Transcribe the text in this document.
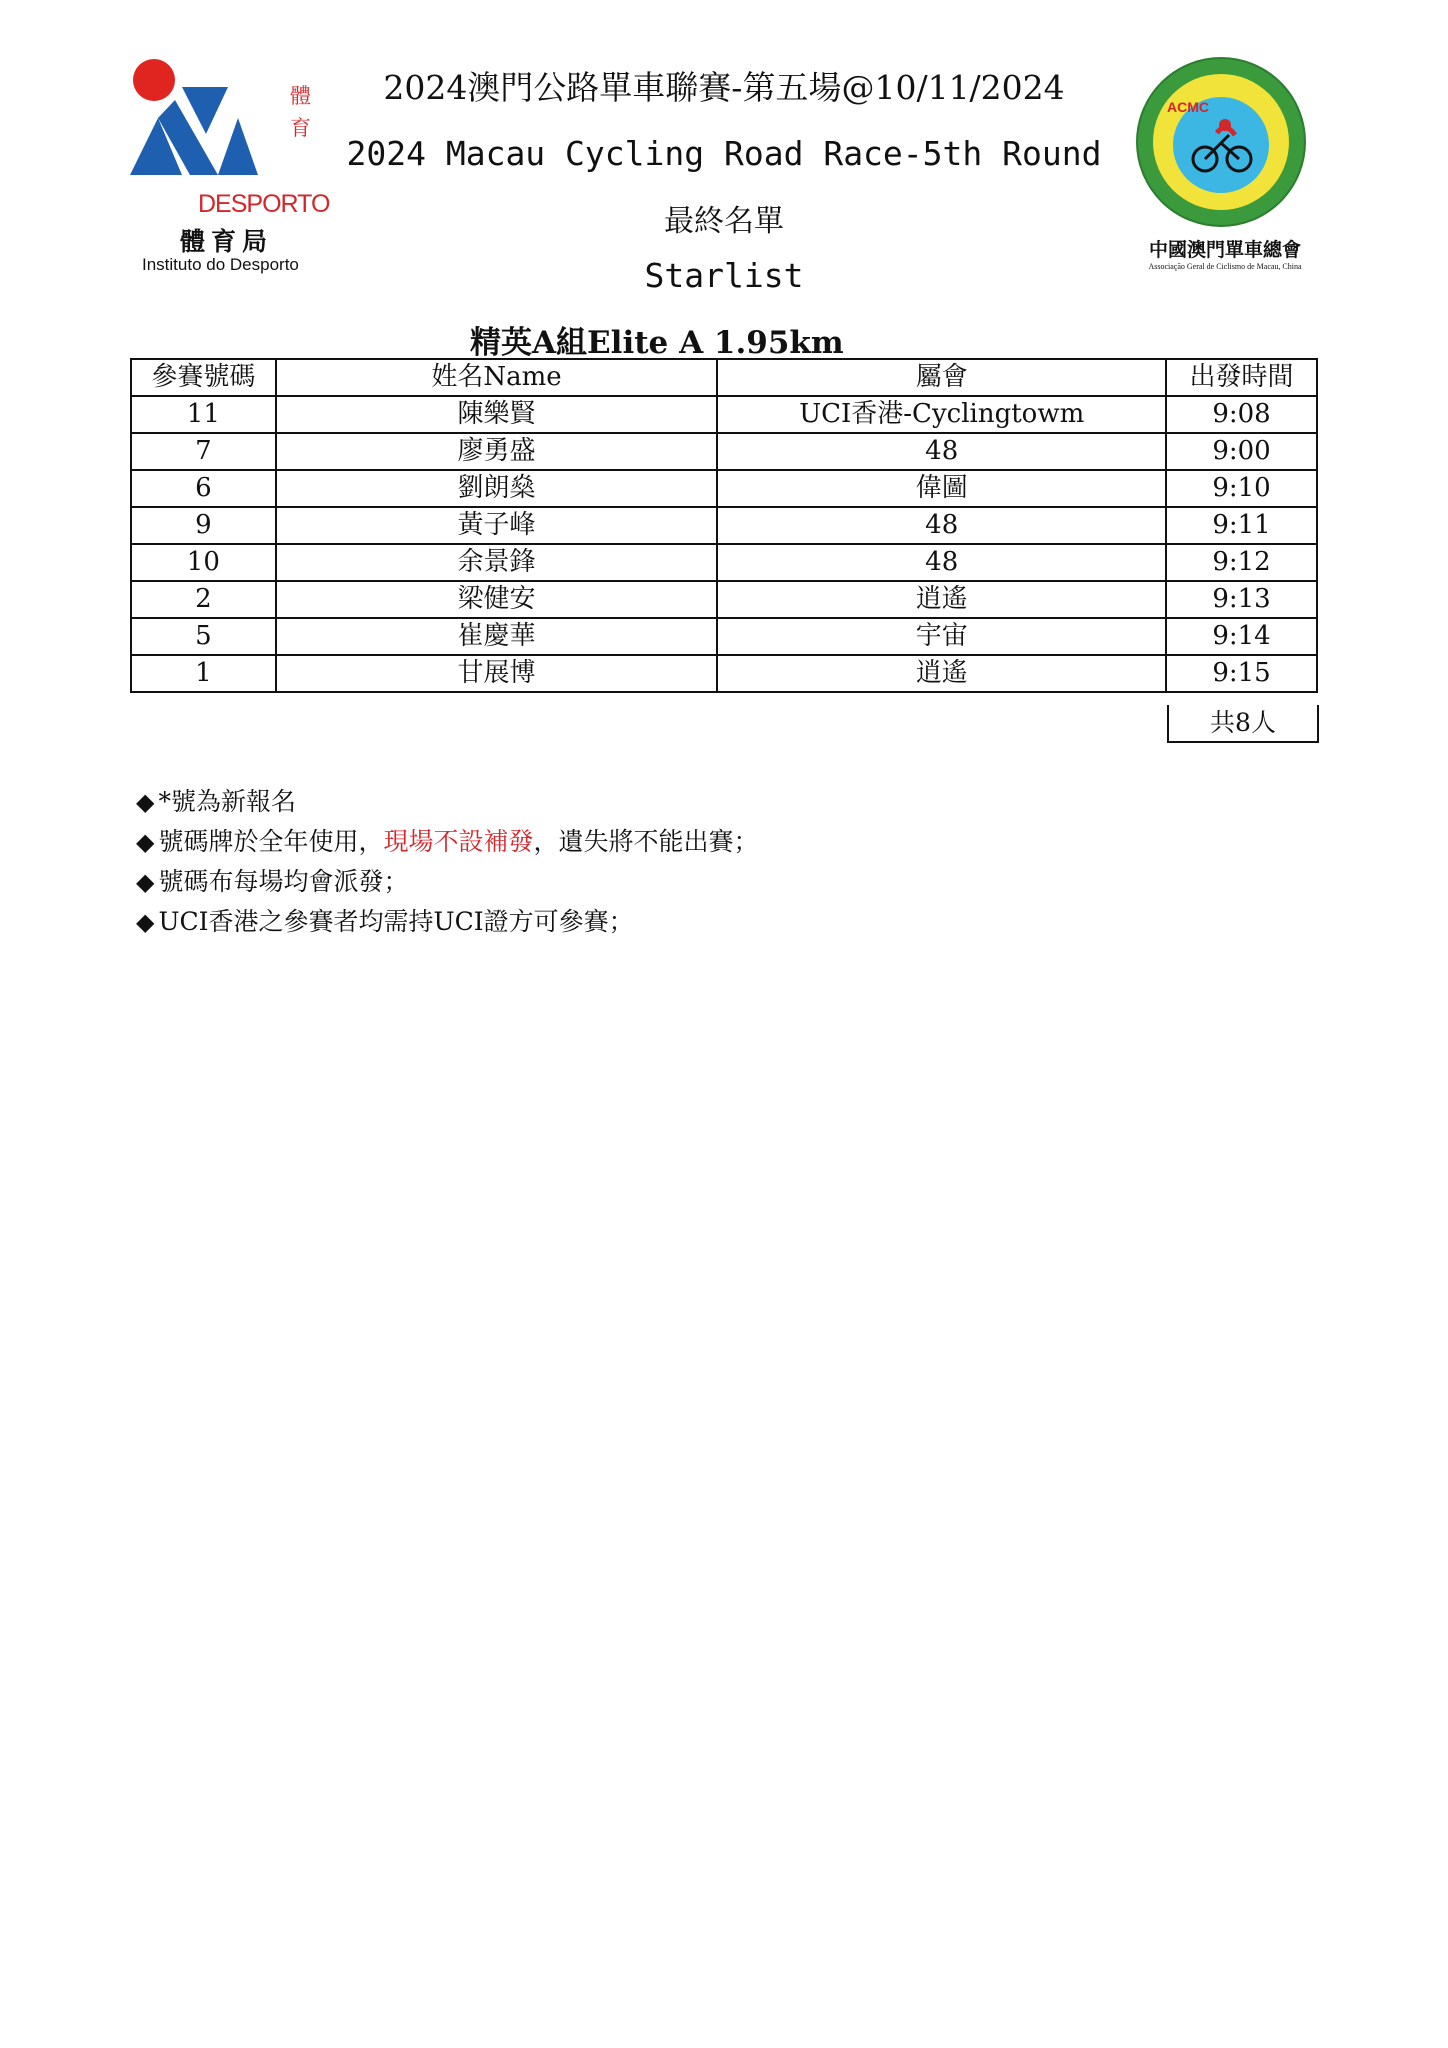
體
育
DESPORTO
體育局
Instituto do Desporto
ACMC
中國澳門單車總會
Associação Geral de Ciclismo de Macau, China
2024澳門公路單車聯賽-第五場@10/11/2024
2024 Macau Cycling Road Race-5th Round
最終名單
Starlist
精英A組Elite A 1.95km
參賽號碼	姓名Name	屬會	出發時間
11	陳樂賢	UCI香港-Cyclingtowm	9:08
7	廖勇盛	48	9:00
6	劉朗燊	偉圖	9:10
9	黃子峰	48	9:11
10	余景鋒	48	9:12
2	梁健安	逍遙	9:13
5	崔慶華	宇宙	9:14
1	甘展博	逍遙	9:15
共8人
◆ *號為新報名
◆ 號碼牌於全年使用，現場不設補發，遺失將不能出賽；
◆ 號碼布每場均會派發；
◆ UCI香港之參賽者均需持UCI證方可參賽；
